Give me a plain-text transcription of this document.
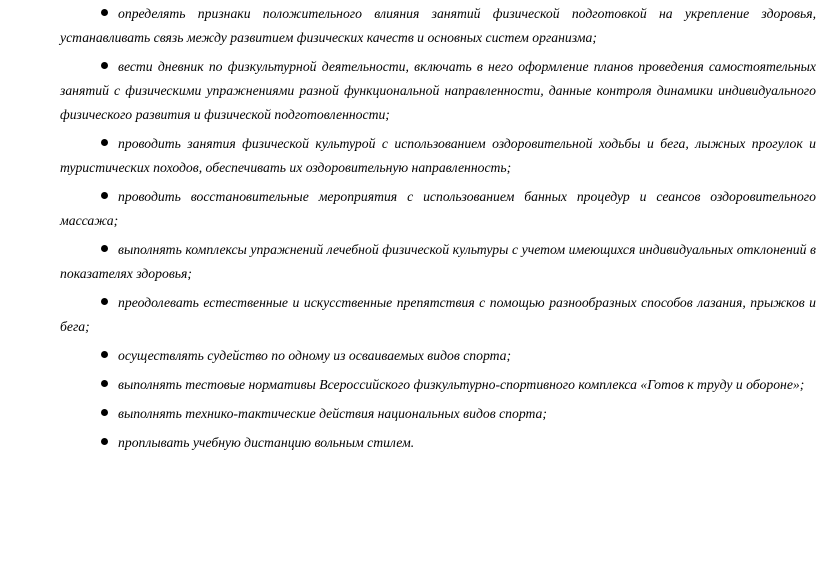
определять признаки положительного влияния занятий физической подготовкой на укрепление здоровья, устанавливать связь между развитием физических качеств и основных систем организма;
вести дневник по физкультурной деятельности, включать в него оформление планов проведения самостоятельных занятий с физическими упражнениями разной функциональной направленности, данные контроля динамики индивидуального физического развития и физической подготовленности;
проводить занятия физической культурой с использованием оздоровительной ходьбы и бега, лыжных прогулок и туристических походов, обеспечивать их оздоровительную направленность;
проводить восстановительные мероприятия с использованием банных процедур и сеансов оздоровительного массажа;
выполнять комплексы упражнений лечебной физической культуры с учетом имеющихся индивидуальных отклонений в показателях здоровья;
преодолевать естественные и искусственные препятствия с помощью разнообразных способов лазания, прыжков и бега;
осуществлять судейство по одному из осваиваемых видов спорта;
выполнять тестовые нормативы Всероссийского физкультурно-спортивного комплекса «Готов к труду и обороне»;
выполнять технико-тактические действия национальных видов спорта;
проплывать учебную дистанцию вольным стилем.
